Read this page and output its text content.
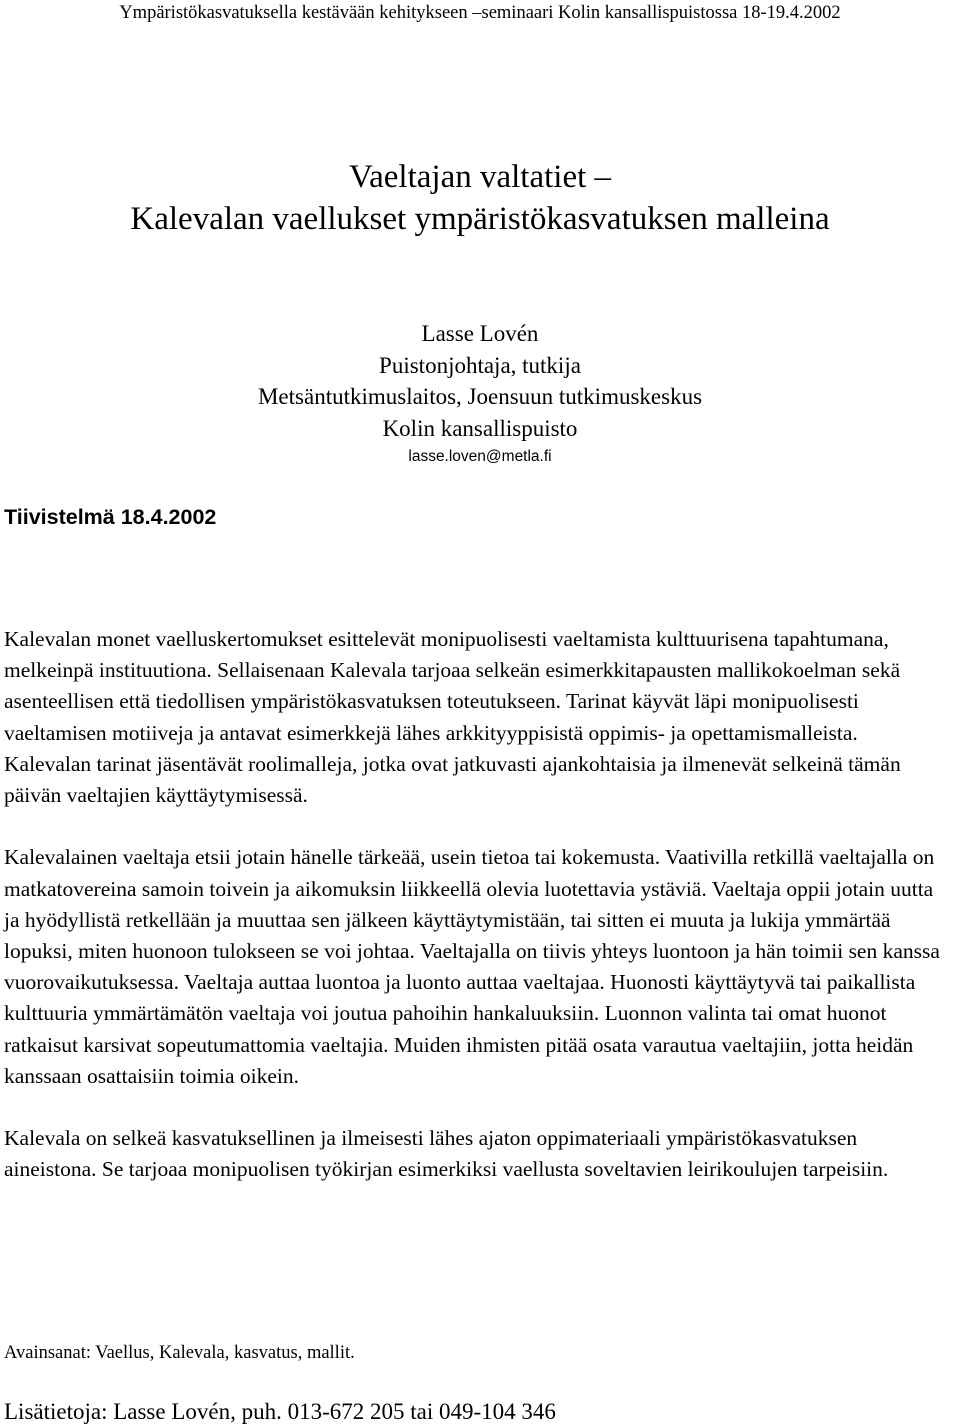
Ympäristökasvatuksella kestävään kehitykseen –seminaari Kolin kansallispuistossa 18-19.4.2002
Vaeltajan valtatiet –
Kalevalan vaellukset ympäristökasvatuksen malleina
Lasse Lovén
Puistonjohtaja, tutkija
Metsäntutkimuslaitos, Joensuun tutkimuskeskus
Kolin kansallispuisto
lasse.loven@metla.fi
Tiivistelmä 18.4.2002

Kalevalan monet vaelluskertomukset esittelevät monipuolisesti vaeltamista kulttuurisena tapahtumana, melkeinpä instituutiona. Sellaisenaan Kalevala tarjoaa selkeän esimerkkitapausten mallikokoelman sekä asenteellisen että tiedollisen ympäristökasvatuksen toteutukseen. Tarinat käyvät läpi monipuolisesti vaeltamisen motiiveja ja antavat esimerkkejä lähes arkkityyppisistä oppimis- ja opettamismalleista. Kalevalan tarinat jäsentävät roolimalleja, jotka ovat jatkuvasti ajankohtaisia ja ilmenevät selkeinä tämän päivän vaeltajien käyttäytymisessä.

Kalevalainen vaeltaja etsii jotain hänelle tärkeää, usein tietoa tai kokemusta. Vaativilla retkillä vaeltajalla on matkatovereina samoin toivein ja aikomuksin liikkeellä olevia luotettavia ystäviä. Vaeltaja oppii jotain uutta ja hyödyllistä retkellään ja muuttaa sen jälkeen käyttäytymistään, tai sitten ei muuta ja lukija ymmärtää lopuksi, miten huonoon tulokseen se voi johtaa. Vaeltajalla on tiivis yhteys luontoon ja hän toimii sen kanssa vuorovaikutuksessa. Vaeltaja auttaa luontoa ja luonto auttaa vaeltajaa. Huonosti käyttäytyvä tai paikallista kulttuuria ymmärtämätön vaeltaja voi joutua pahoihin hankaluuksiin. Luonnon valinta tai omat huonot ratkaisut karsivat sopeutumattomia vaeltajia. Muiden ihmisten pitää osata varautua vaeltajiin, jotta heidän kanssaan osattaisiin toimia oikein.

Kalevala on selkeä kasvatuksellinen ja ilmeisesti lähes ajaton oppimateriaali ympäristökasvatuksen aineistona. Se tarjoaa monipuolisen työkirjan esimerkiksi vaellusta soveltavien leirikoulujen tarpeisiin.

Avainsanat: Vaellus, Kalevala, kasvatus, mallit.
Lisätietoja: Lasse Lovén, puh. 013-672 205 tai 049-104 346
